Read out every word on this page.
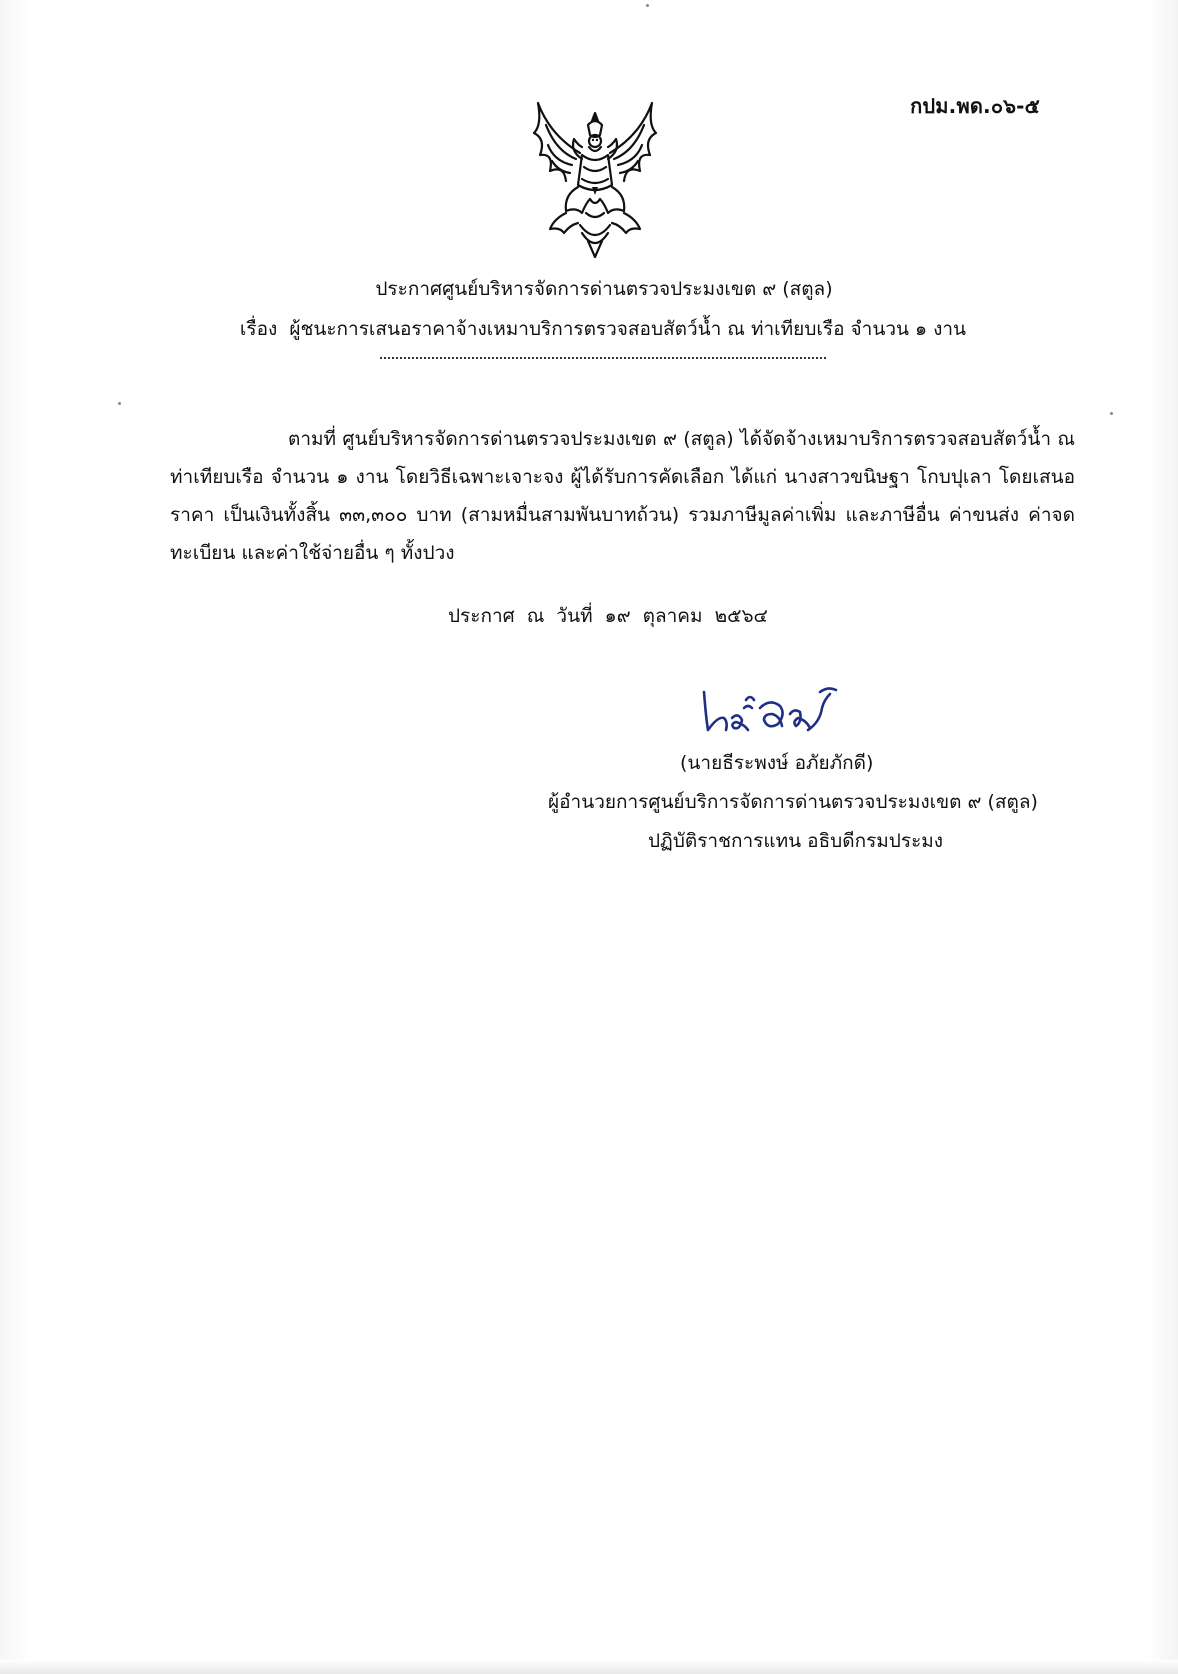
กปม.พด.๐๖-๕
ประกาศศูนย์บริหารจัดการด่านตรวจประมงเขต ๙ (สตูล)
เรื่อง ผู้ชนะการเสนอราคาจ้างเหมาบริการตรวจสอบสัตว์น้ำ ณ ท่าเทียบเรือ จำนวน ๑ งาน

ตามที่ ศูนย์บริหารจัดการด่านตรวจประมงเขต ๙ (สตูล) ได้จัดจ้างเหมาบริการตรวจสอบสัตว์น้ำ ณ ท่าเทียบเรือ จำนวน ๑ งาน โดยวิธีเฉพาะเจาะจง ผู้ได้รับการคัดเลือก ได้แก่ นางสาวขนิษฐา โกบปุเลา โดยเสนอราคา เป็นเงินทั้งสิ้น ๓๓,๓๐๐ บาท (สามหมื่นสามพันบาทถ้วน) รวมภาษีมูลค่าเพิ่ม และภาษีอื่น ค่าขนส่ง ค่าจดทะเบียน และค่าใช้จ่ายอื่น ๆ ทั้งปวง

ประกาศ ณ วันที่ ๑๙ ตุลาคม ๒๕๖๔
(นายธีระพงษ์ อภัยภักดี)
ผู้อำนวยการศูนย์บริการจัดการด่านตรวจประมงเขต ๙ (สตูล)
ปฏิบัติราชการแทน อธิบดีกรมประมง
